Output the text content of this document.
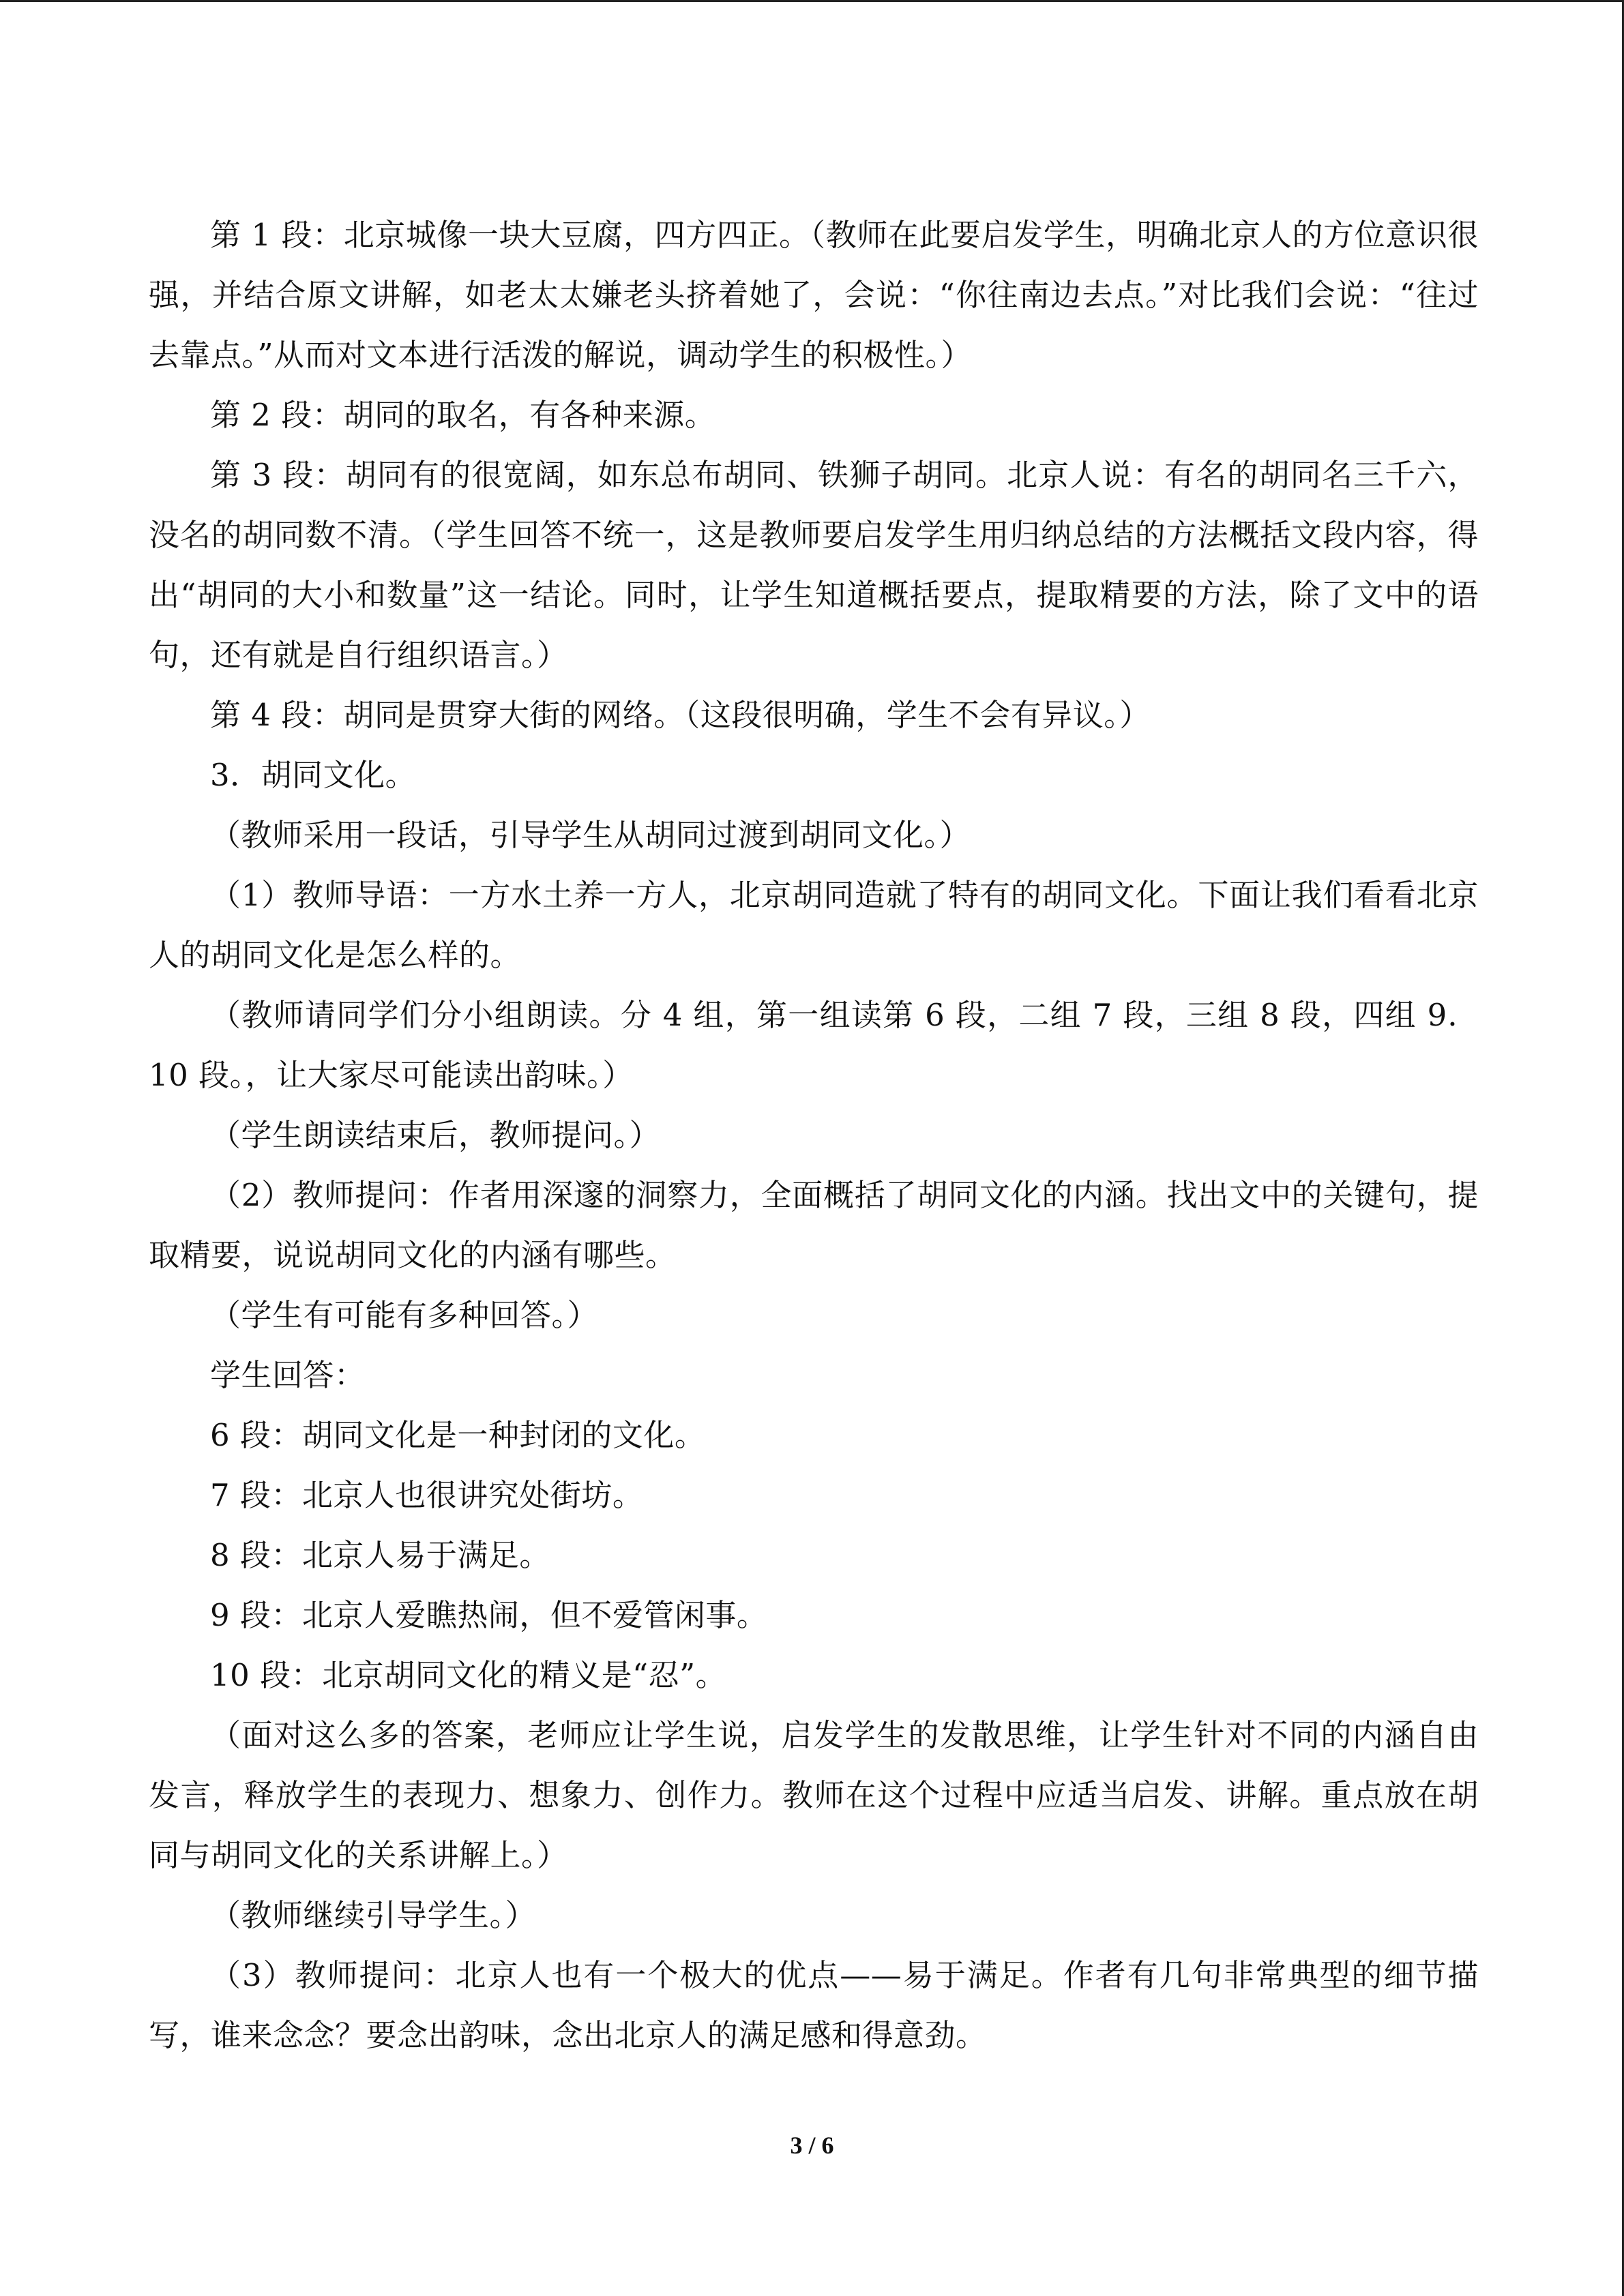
第 1 段：北京城像一块大豆腐，四方四正。（教师在此要启发学生，明确北京人的方位意识很强，并结合原文讲解，如老太太嫌老头挤着她了，会说：“你往南边去点。”对比我们会说：“往过去靠点。”从而对文本进行活泼的解说，调动学生的积极性。）

第 2 段：胡同的取名，有各种来源。

第 3 段：胡同有的很宽阔，如东总布胡同、铁狮子胡同。北京人说：有名的胡同名三千六，没名的胡同数不清。（学生回答不统一，这是教师要启发学生用归纳总结的方法概括文段内容，得出“胡同的大小和数量”这一结论。同时，让学生知道概括要点，提取精要的方法，除了文中的语句，还有就是自行组织语言。）

第 4 段：胡同是贯穿大街的网络。（这段很明确，学生不会有异议。）

3．胡同文化。

（教师采用一段话，引导学生从胡同过渡到胡同文化。）

（1）教师导语：一方水土养一方人，北京胡同造就了特有的胡同文化。下面让我们看看北京人的胡同文化是怎么样的。

（教师请同学们分小组朗读。分 4 组，第一组读第 6 段，二组 7 段，三组 8 段，四组 9．10 段。，让大家尽可能读出韵味。）

（学生朗读结束后，教师提问。）

（2）教师提问：作者用深邃的洞察力，全面概括了胡同文化的内涵。找出文中的关键句，提取精要，说说胡同文化的内涵有哪些。

（学生有可能有多种回答。）

学生回答：

6 段：胡同文化是一种封闭的文化。

7 段：北京人也很讲究处街坊。

8 段：北京人易于满足。

9 段：北京人爱瞧热闹，但不爱管闲事。

10 段：北京胡同文化的精义是“忍”。

（面对这么多的答案，老师应让学生说，启发学生的发散思维，让学生针对不同的内涵自由发言，释放学生的表现力、想象力、创作力。教师在这个过程中应适当启发、讲解。重点放在胡同与胡同文化的关系讲解上。）

（教师继续引导学生。）

（3）教师提问：北京人也有一个极大的优点——易于满足。作者有几句非常典型的细节描写，谁来念念？要念出韵味，念出北京人的满足感和得意劲。

3 / 6
